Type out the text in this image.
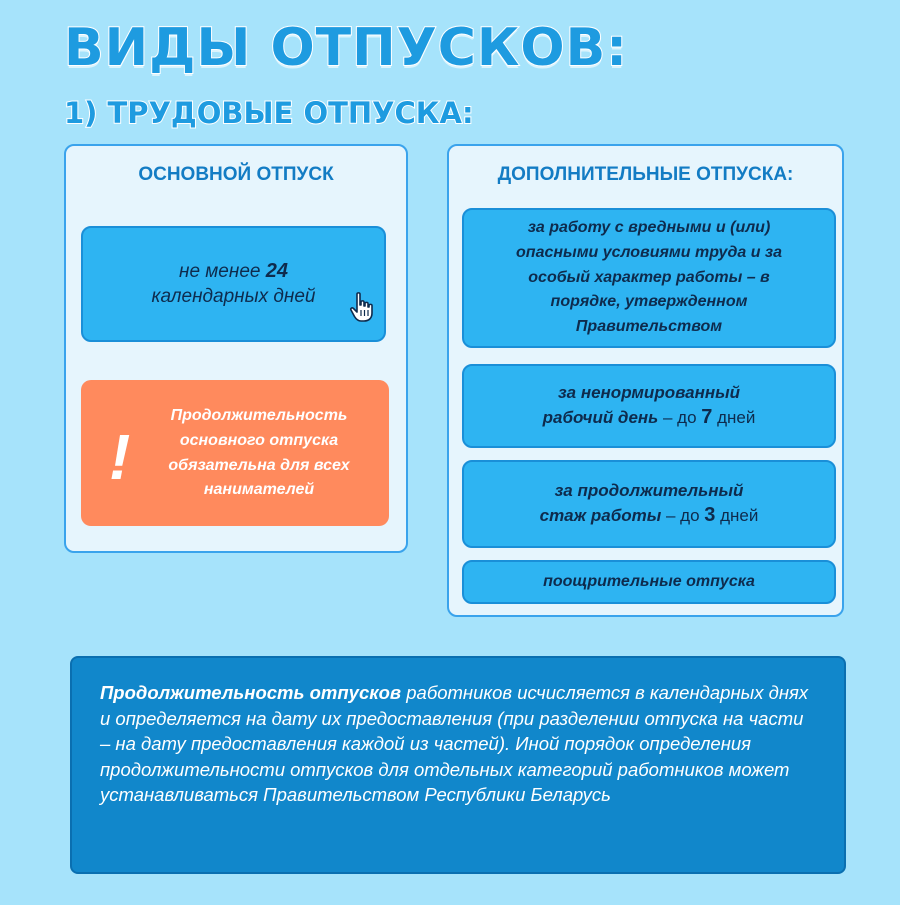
ВИДЫ ОТПУСКОВ:
1) ТРУДОВЫЕ ОТПУСКА:
ОСНОВНОЙ ОТПУСК
не менее 24
календарных дней
!
Продолжительность основного отпуска обязательна для всех нанимателей
ДОПОЛНИТЕЛЬНЫЕ ОТПУСКА:
за работу с вредными и (или) опасными условиями труда и за особый характер работы – в порядке, утвержденном Правительством
за ненормированный
рабочий день – до 7 дней
за продолжительный
стаж работы – до 3 дней
поощрительные отпуска
Продолжительность отпусков работников исчисляется в календарных днях и определяется на дату их предоставления (при разделении отпуска на части – на дату предоставления каждой из частей). Иной порядок определения продолжительности отпусков для отдельных категорий работников может устанавливаться Правительством Республики Беларусь
